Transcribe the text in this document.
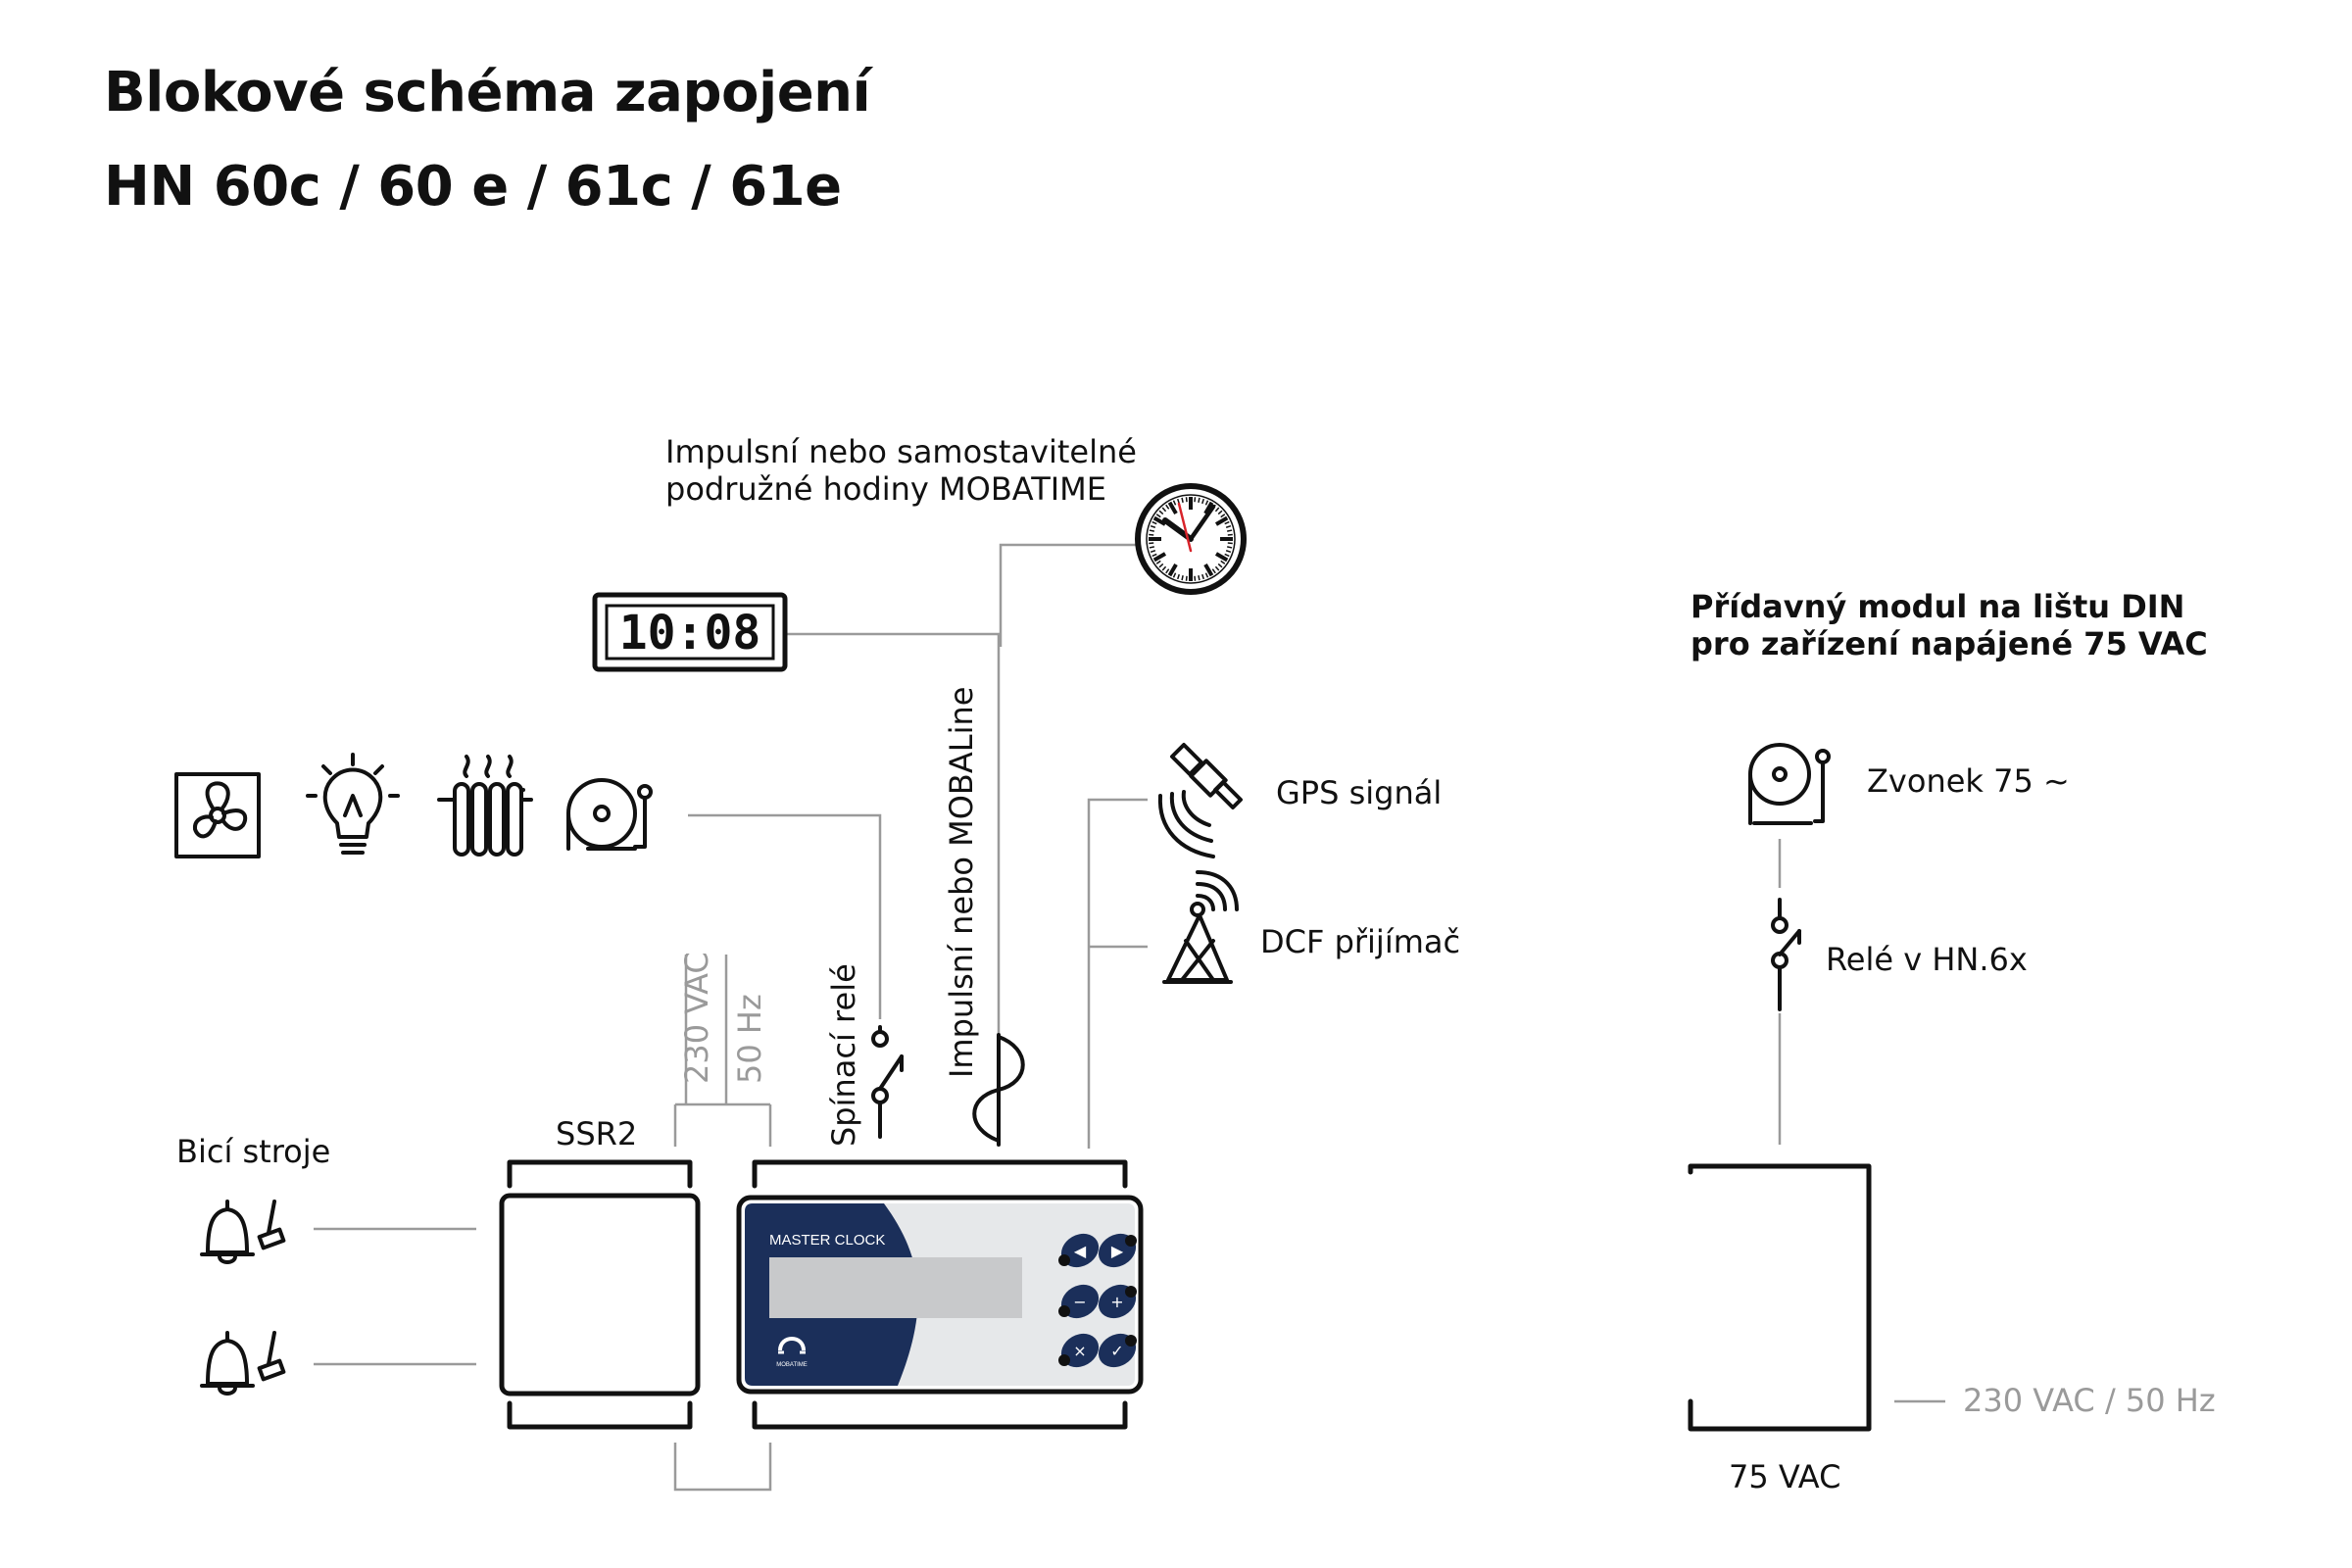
Blokové schéma zapojení
HN 60c / 60 e / 61c / 61e
Impulsní nebo samostavitelné
podružné hodiny MOBATIME
Impulsní nebo MOBALine
Spínací relé
230 VAC 50 Hz
GPS signál
DCF přijímač
SSR2
Bicí stroje
Přídavný modul na lištu DIN
pro zařízení napájené 75 VAC
Zvonek 75 ~
Relé v HN.6x
230 VAC / 50 Hz
75 VAC
10:08
MASTER CLOCK
MOBATIME
◀ ▶
− +
× ✓
